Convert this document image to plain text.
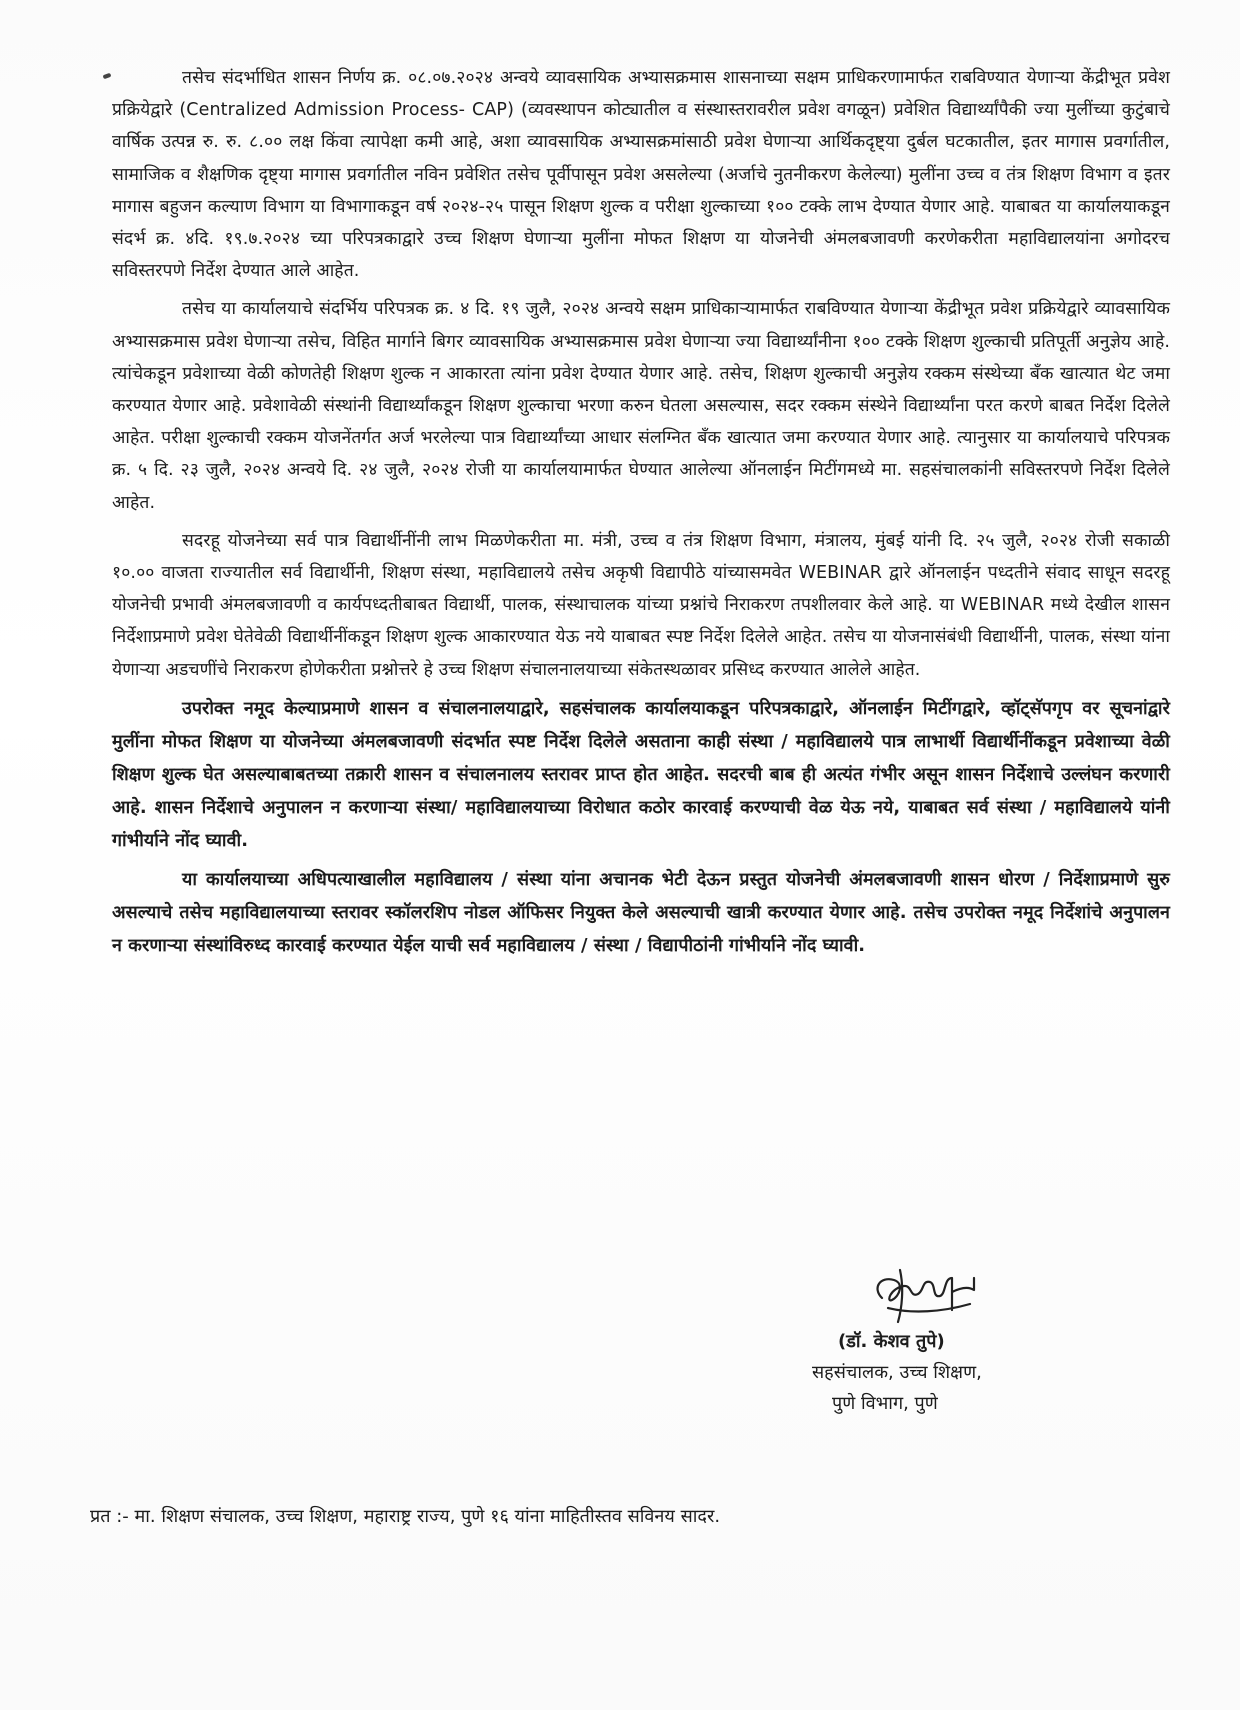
तसेच संदर्भाधित शासन निर्णय क्र. ०८.०७.२०२४ अन्वये व्यावसायिक अभ्यासक्रमास शासनाच्या सक्षम प्राधिकरणामार्फत राबविण्यात येणाऱ्या केंद्रीभूत प्रवेश प्रक्रियेद्वारे (Centralized Admission Process- CAP) (व्यवस्थापन कोट्यातील व संस्थास्तरावरील प्रवेश वगळून) प्रवेशित विद्यार्थ्यांपैकी ज्या मुलींच्या कुटुंबाचे वार्षिक उत्पन्न रु. रु. ८.०० लक्ष किंवा त्यापेक्षा कमी आहे, अशा व्यावसायिक अभ्यासक्रमांसाठी प्रवेश घेणाऱ्या आर्थिकदृष्ट्या दुर्बल घटकातील, इतर मागास प्रवर्गातील, सामाजिक व शैक्षणिक दृष्ट्या मागास प्रवर्गातील नविन प्रवेशित तसेच पूर्वीपासून प्रवेश असलेल्या (अर्जाचे नुतनीकरण केलेल्या) मुलींना उच्च व तंत्र शिक्षण विभाग व इतर मागास बहुजन कल्याण विभाग या विभागाकडून वर्ष २०२४-२५ पासून शिक्षण शुल्क व परीक्षा शुल्काच्या १०० टक्के लाभ देण्यात येणार आहे. याबाबत या कार्यालयाकडून संदर्भ क्र. ४दि. १९.७.२०२४ च्या परिपत्रकाद्वारे उच्च शिक्षण घेणाऱ्या मुलींना मोफत शिक्षण या योजनेची अंमलबजावणी करणेकरीता महाविद्यालयांना अगोदरच सविस्तरपणे निर्देश देण्यात आले आहेत.

तसेच या कार्यालयाचे संदर्भिय परिपत्रक क्र. ४ दि. १९ जुलै, २०२४ अन्वये सक्षम प्राधिकाऱ्यामार्फत राबविण्यात येणाऱ्या केंद्रीभूत प्रवेश प्रक्रियेद्वारे व्यावसायिक अभ्यासक्रमास प्रवेश घेणाऱ्या तसेच, विहित मार्गाने बिगर व्यावसायिक अभ्यासक्रमास प्रवेश घेणाऱ्या ज्या विद्यार्थ्यांनीना १०० टक्के शिक्षण शुल्काची प्रतिपूर्ती अनुज्ञेय आहे. त्यांचेकडून प्रवेशाच्या वेळी कोणतेही शिक्षण शुल्क न आकारता त्यांना प्रवेश देण्यात येणार आहे. तसेच, शिक्षण शुल्काची अनुज्ञेय रक्कम संस्थेच्या बँक खात्यात थेट जमा करण्यात येणार आहे. प्रवेशावेळी संस्थांनी विद्यार्थ्यांकडून शिक्षण शुल्काचा भरणा करुन घेतला असल्यास, सदर रक्कम संस्थेने विद्यार्थ्यांना परत करणे बाबत निर्देश दिलेले आहेत. परीक्षा शुल्काची रक्कम योजनेंतर्गत अर्ज भरलेल्या पात्र विद्यार्थ्यांच्या आधार संलग्नित बँक खात्यात जमा करण्यात येणार आहे. त्यानुसार या कार्यालयाचे परिपत्रक क्र. ५ दि. २३ जुलै, २०२४ अन्वये दि. २४ जुलै, २०२४ रोजी या कार्यालयामार्फत घेण्यात आलेल्या ऑनलाईन मिटींगमध्ये मा. सहसंचालकांनी सविस्तरपणे निर्देश दिलेले आहेत.

सदरहू योजनेच्या सर्व पात्र विद्यार्थीनींनी लाभ मिळणेकरीता मा. मंत्री, उच्च व तंत्र शिक्षण विभाग, मंत्रालय, मुंबई यांनी दि. २५ जुलै, २०२४ रोजी सकाळी १०.०० वाजता राज्यातील सर्व विद्यार्थीनी, शिक्षण संस्था, महाविद्यालये तसेच अकृषी विद्यापीठे यांच्यासमवेत WEBINAR द्वारे ऑनलाईन पध्दतीने संवाद साधून सदरहू योजनेची प्रभावी अंमलबजावणी व कार्यपध्दतीबाबत विद्यार्थी, पालक, संस्थाचालक यांच्या प्रश्नांचे निराकरण तपशीलवार केले आहे. या WEBINAR मध्ये देखील शासन निर्देशाप्रमाणे प्रवेश घेतेवेळी विद्यार्थीनींकडून शिक्षण शुल्क आकारण्यात येऊ नये याबाबत स्पष्ट निर्देश दिलेले आहेत. तसेच या योजनासंबंधी विद्यार्थीनी, पालक, संस्था यांना येणाऱ्या अडचणींचे निराकरण होणेकरीता प्रश्नोत्तरे हे उच्च शिक्षण संचालनालयाच्या संकेतस्थळावर प्रसिध्द करण्यात आलेले आहेत.

उपरोक्त नमूद केल्याप्रमाणे शासन व संचालनालयाद्वारे, सहसंचालक कार्यालयाकडून परिपत्रकाद्वारे, ऑनलाईन मिटींगद्वारे, व्हॉट्सॅपगृप वर सूचनांद्वारे मुलींना मोफत शिक्षण या योजनेच्या अंमलबजावणी संदर्भात स्पष्ट निर्देश दिलेले असताना काही संस्था / महाविद्यालये पात्र लाभार्थी विद्यार्थीनींकडून प्रवेशाच्या वेळी शिक्षण शुल्क घेत असल्याबाबतच्या तक्रारी शासन व संचालनालय स्तरावर प्राप्त होत आहेत. सदरची बाब ही अत्यंत गंभीर असून शासन निर्देशाचे उल्लंघन करणारी आहे. शासन निर्देशाचे अनुपालन न करणाऱ्या संस्था/ महाविद्यालयाच्या विरोधात कठोर कारवाई करण्याची वेळ येऊ नये, याबाबत सर्व संस्था / महाविद्यालये यांनी गांभीर्याने नोंद घ्यावी.

या कार्यालयाच्या अधिपत्याखालील महाविद्यालय / संस्था यांना अचानक भेटी देऊन प्रस्तुत योजनेची अंमलबजावणी शासन धोरण / निर्देशाप्रमाणे सुरु असल्याचे तसेच महाविद्यालयाच्या स्तरावर स्कॉलरशिप नोडल ऑफिसर नियुक्त केले असल्याची खात्री करण्यात येणार आहे. तसेच उपरोक्त नमूद निर्देशांचे अनुपालन न करणाऱ्या संस्थांविरुध्द कारवाई करण्यात येईल याची सर्व महाविद्यालय / संस्था / विद्यापीठांनी गांभीर्याने नोंद घ्यावी.

(डॉ. केशव तुपे)
सहसंचालक, उच्च शिक्षण,
पुणे विभाग, पुणे
प्रत :- मा. शिक्षण संचालक, उच्च शिक्षण, महाराष्ट्र राज्य, पुणे १६ यांना माहितीस्तव सविनय सादर.
